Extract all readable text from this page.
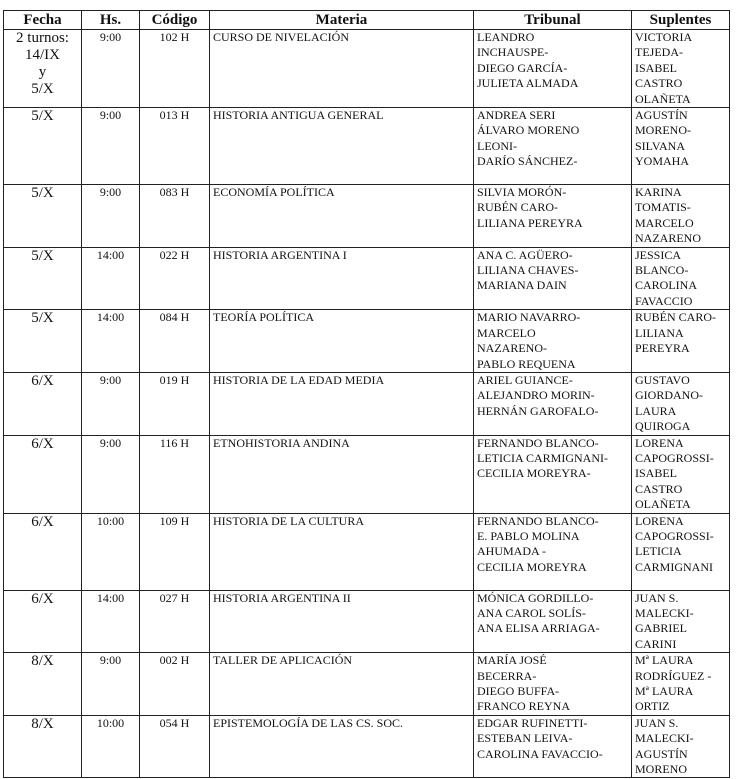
Fecha	Hs.	Código	Materia	Tribunal	Suplentes

2 turnos:
14/IX
y
5/X	9:00	102 H	CURSO DE NIVELACIÓN	LEANDRO
INCHAUSPE-
DIEGO GARCÍA-
JULIETA ALMADA	VICTORIA
TEJEDA-
ISABEL
CASTRO
OLAÑETA

5/X	9:00	013 H	HISTORIA ANTIGUA GENERAL	ANDREA SERI
ÁLVARO MORENO
LEONI-
DARÍO SÁNCHEZ-	AGUSTÍN
MORENO-
SILVANA
YOMAHA

5/X	9:00	083 H	ECONOMÍA POLÍTICA	SILVIA MORÓN-
RUBÉN CARO-
LILIANA PEREYRA	KARINA
TOMATIS-
MARCELO
NAZARENO

5/X	14:00	022 H	HISTORIA ARGENTINA I	ANA C. AGÜERO-
LILIANA CHAVES-
MARIANA DAIN	JESSICA
BLANCO-
CAROLINA
FAVACCIO

5/X	14:00	084 H	TEORÍA POLÍTICA	MARIO NAVARRO-
MARCELO
NAZARENO-
PABLO REQUENA	RUBÉN CARO-
LILIANA
PEREYRA

6/X	9:00	019 H	HISTORIA DE LA EDAD MEDIA	ARIEL GUIANCE-
ALEJANDRO MORIN-
HERNÁN GAROFALO-	GUSTAVO
GIORDANO-
LAURA
QUIROGA

6/X	9:00	116 H	ETNOHISTORIA ANDINA	FERNANDO BLANCO-
LETICIA CARMIGNANI-
CECILIA MOREYRA-	LORENA
CAPOGROSSI-
ISABEL
CASTRO
OLAÑETA

6/X	10:00	109 H	HISTORIA DE LA CULTURA	FERNANDO BLANCO-
E. PABLO MOLINA
AHUMADA -
CECILIA MOREYRA	LORENA
CAPOGROSSI-
LETICIA
CARMIGNANI

6/X	14:00	027 H	HISTORIA ARGENTINA II	MÓNICA GORDILLO-
ANA CAROL SOLÍS-
ANA ELISA ARRIAGA-	JUAN S.
MALECKI-
GABRIEL
CARINI

8/X	9:00	002 H	TALLER DE APLICACIÓN	MARÍA JOSÉ
BECERRA-
DIEGO BUFFA-
FRANCO REYNA	Mª LAURA
RODRÍGUEZ -
Mª LAURA
ORTIZ

8/X	10:00	054 H	EPISTEMOLOGÍA DE LAS CS. SOC.	EDGAR RUFINETTI-
ESTEBAN LEIVA-
CAROLINA FAVACCIO-	JUAN S.
MALECKI-
AGUSTÍN
MORENO
